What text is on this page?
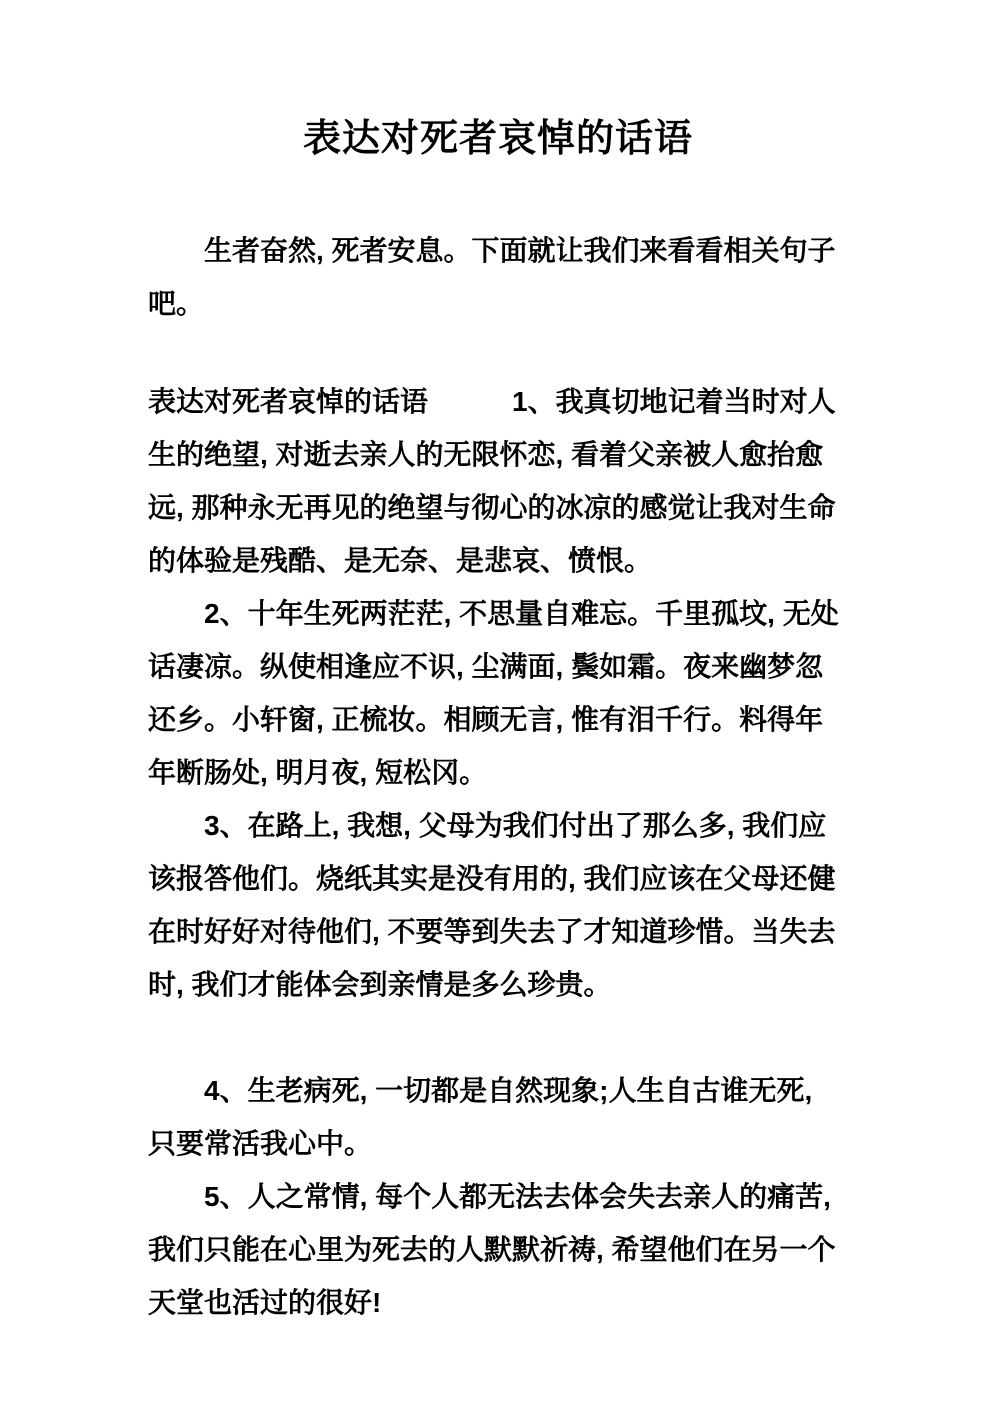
表达对死者哀悼的话语

生者奋然, 死者安息。下面就让我们来看看相关句子吧。

表达对死者哀悼的话语　　　1、我真切地记着当时对人生的绝望, 对逝去亲人的无限怀恋, 看着父亲被人愈抬愈远, 那种永无再见的绝望与彻心的冰凉的感觉让我对生命的体验是残酷、是无奈、是悲哀、愤恨。

2、十年生死两茫茫, 不思量自难忘。千里孤坟, 无处话凄凉。纵使相逢应不识, 尘满面, 鬓如霜。夜来幽梦忽还乡。小轩窗, 正梳妆。相顾无言, 惟有泪千行。料得年年断肠处, 明月夜, 短松冈。

3、在路上, 我想, 父母为我们付出了那么多, 我们应该报答他们。烧纸其实是没有用的, 我们应该在父母还健在时好好对待他们, 不要等到失去了才知道珍惜。当失去时, 我们才能体会到亲情是多么珍贵。

4、生老病死, 一切都是自然现象;人生自古谁无死, 只要常活我心中。

5、人之常情, 每个人都无法去体会失去亲人的痛苦, 我们只能在心里为死去的人默默祈祷, 希望他们在另一个天堂也活过的很好!
